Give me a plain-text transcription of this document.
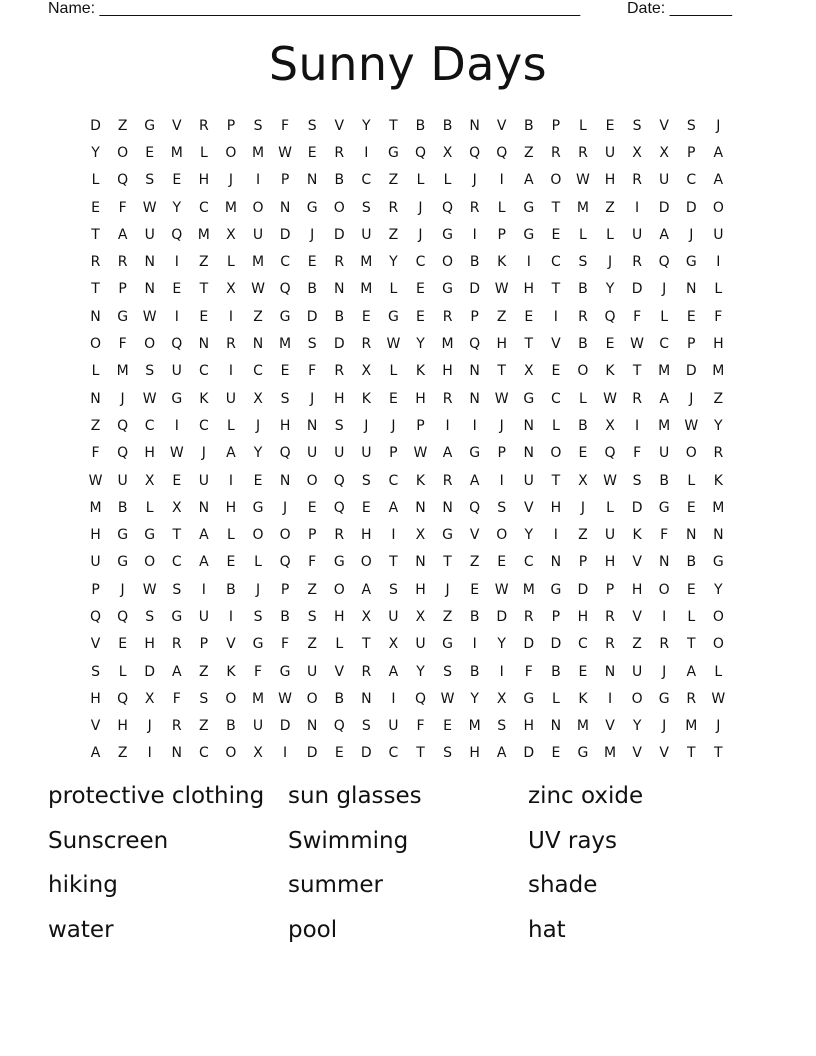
Name: ______________________________________________________	Date: _______
Sunny Days
D	Z	G	V	R	P	S	F	S	V	Y	T	B	B	N	V	B	P	L	E	S	V	S	J
Y	O	E	M	L	O	M	W	E	R	I	G	Q	X	Q	Q	Z	R	R	U	X	X	P	A
L	Q	S	E	H	J	I	P	N	B	C	Z	L	L	J	I	A	O	W	H	R	U	C	A
E	F	W	Y	C	M	O	N	G	O	S	R	J	Q	R	L	G	T	M	Z	I	D	D	O
T	A	U	Q	M	X	U	D	J	D	U	Z	J	G	I	P	G	E	L	L	U	A	J	U
R	R	N	I	Z	L	M	C	E	R	M	Y	C	O	B	K	I	C	S	J	R	Q	G	I
T	P	N	E	T	X	W	Q	B	N	M	L	E	G	D	W	H	T	B	Y	D	J	N	L
N	G	W	I	E	I	Z	G	D	B	E	G	E	R	P	Z	E	I	R	Q	F	L	E	F
O	F	O	Q	N	R	N	M	S	D	R	W	Y	M	Q	H	T	V	B	E	W	C	P	H
L	M	S	U	C	I	C	E	F	R	X	L	K	H	N	T	X	E	O	K	T	M	D	M
N	J	W	G	K	U	X	S	J	H	K	E	H	R	N	W	G	C	L	W	R	A	J	Z
Z	Q	C	I	C	L	J	H	N	S	J	J	P	I	I	J	N	L	B	X	I	M	W	Y
F	Q	H	W	J	A	Y	Q	U	U	U	P	W	A	G	P	N	O	E	Q	F	U	O	R
W	U	X	E	U	I	E	N	O	Q	S	C	K	R	A	I	U	T	X	W	S	B	L	K
M	B	L	X	N	H	G	J	E	Q	E	A	N	N	Q	S	V	H	J	L	D	G	E	M
H	G	G	T	A	L	O	O	P	R	H	I	X	G	V	O	Y	I	Z	U	K	F	N	N
U	G	O	C	A	E	L	Q	F	G	O	T	N	T	Z	E	C	N	P	H	V	N	B	G
P	J	W	S	I	B	J	P	Z	O	A	S	H	J	E	W	M	G	D	P	H	O	E	Y
Q	Q	S	G	U	I	S	B	S	H	X	U	X	Z	B	D	R	P	H	R	V	I	L	O
V	E	H	R	P	V	G	F	Z	L	T	X	U	G	I	Y	D	D	C	R	Z	R	T	O
S	L	D	A	Z	K	F	G	U	V	R	A	Y	S	B	I	F	B	E	N	U	J	A	L
H	Q	X	F	S	O	M	W	O	B	N	I	Q	W	Y	X	G	L	K	I	O	G	R	W
V	H	J	R	Z	B	U	D	N	Q	S	U	F	E	M	S	H	N	M	V	Y	J	M	J
A	Z	I	N	C	O	X	I	D	E	D	C	T	S	H	A	D	E	G	M	V	V	T	T
protective clothing	sun glasses	zinc oxide
Sunscreen	Swimming	UV rays
hiking	summer	shade
water	pool	hat
